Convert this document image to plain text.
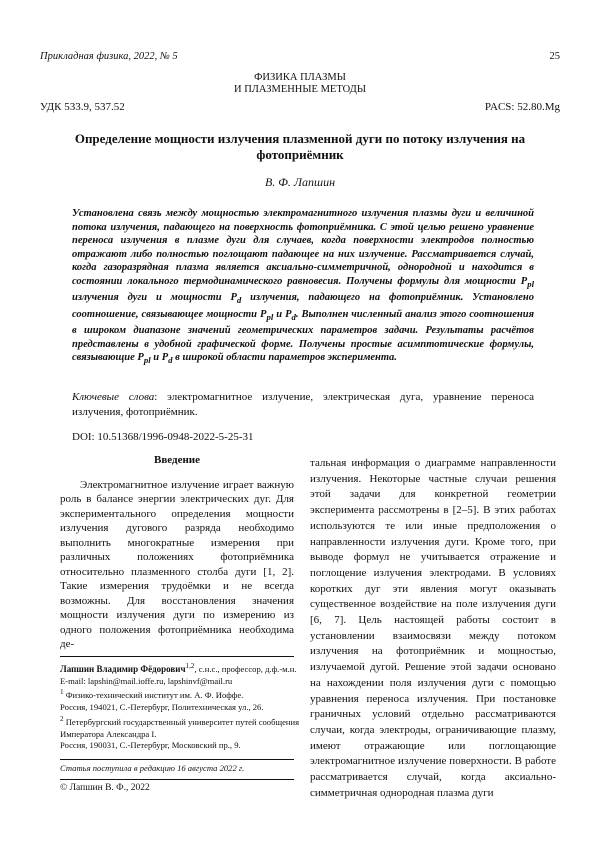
Прикладная физика, 2022, № 5	25
ФИЗИКА ПЛАЗМЫ
И ПЛАЗМЕННЫЕ МЕТОДЫ
УДК 533.9, 537.52	PACS: 52.80.Mg
Определение мощности излучения плазменной дуги по потоку излучения на фотоприёмник
В. Ф. Лапшин
Установлена связь между мощностью электромагнитного излучения плазмы дуги и величиной потока излучения, падающего на поверхность фотоприёмника. С этой целью решено уравнение переноса излучения в плазме дуги для случаев, когда поверхности электродов полностью отражают либо полностью поглощают падающее на них излучение. Рассматривается случай, когда газоразрядная плазма является аксиально-симметричной, однородной и находится в состоянии локального термодинамического равновесия. Получены формулы для мощности $P_{pl}$ излучения дуги и мощности $P_d$ излучения, падающего на фотоприёмник. Установлено соотношение, связывающее мощности $P_{pl}$ и $P_d$. Выполнен численный анализ этого соотношения в широком диапазоне значений геометрических параметров задачи. Результаты расчётов представлены в удобной графической форме. Получены простые асимптотические формулы, связывающие $P_{pl}$ и $P_d$ в широкой области параметров эксперимента.
Ключевые слова: электромагнитное излучение, электрическая дуга, уравнение переноса излучения, фотоприёмник.
DOI: 10.51368/1996-0948-2022-5-25-31
Введение

Электромагнитное излучение играет важную роль в балансе энергии электрических дуг. Для экспериментального определения мощности излучения дугового разряда необходимо выполнить многократные измерения при различных положениях фотоприёмника относительно плазменного столба дуги [1, 2]. Такие измерения трудоёмки и не всегда возможны. Для восстановления значения мощности излучения дуги по измерению из одного положения фотоприёмника необходима де-

тальная информация о диаграмме направленности излучения. Некоторые частные случаи решения этой задачи для конкретной геометрии эксперимента рассмотрены в [2–5]. В этих работах используются те или иные предположения о направленности излучения дуги. Кроме того, при выводе формул не учитывается отражение и поглощение излучения электродами. В условиях коротких дуг эти явления могут оказывать существенное воздействие на поле излучения дуги [6, 7]. Цель настоящей работы состоит в установлении взаимосвязи между потоком излучения на фотоприёмник и мощностью, излучаемой дугой. Решение этой задачи основано на нахождении поля излучения дуги с помощью уравнения переноса излучения. При постановке граничных условий отдельно рассматриваются случаи, когда электроды, ограничивающие плазму, имеют отражающие или поглощающие электромагнитное излучение поверхности. В работе рассматривается случай, когда аксиально-симметричная однородная плазма дуги
Лапшин Владимир Фёдорович$^{1,2}$, с.н.с., профессор, д.ф.-м.н.
E-mail: lapshin@mail.ioffe.ru, lapshinvf@mail.ru
$^1$ Физико-технический институт им. А. Ф. Иоффе.
Россия, 194021, С.-Петербург, Политехническая ул., 26.
$^2$ Петербургский государственный университет путей сообщения Императора Александра I.
Россия, 190031, С.-Петербург, Московский пр., 9.
Статья поступила в редакцию 16 августа 2022 г.
© Лапшин В. Ф., 2022
